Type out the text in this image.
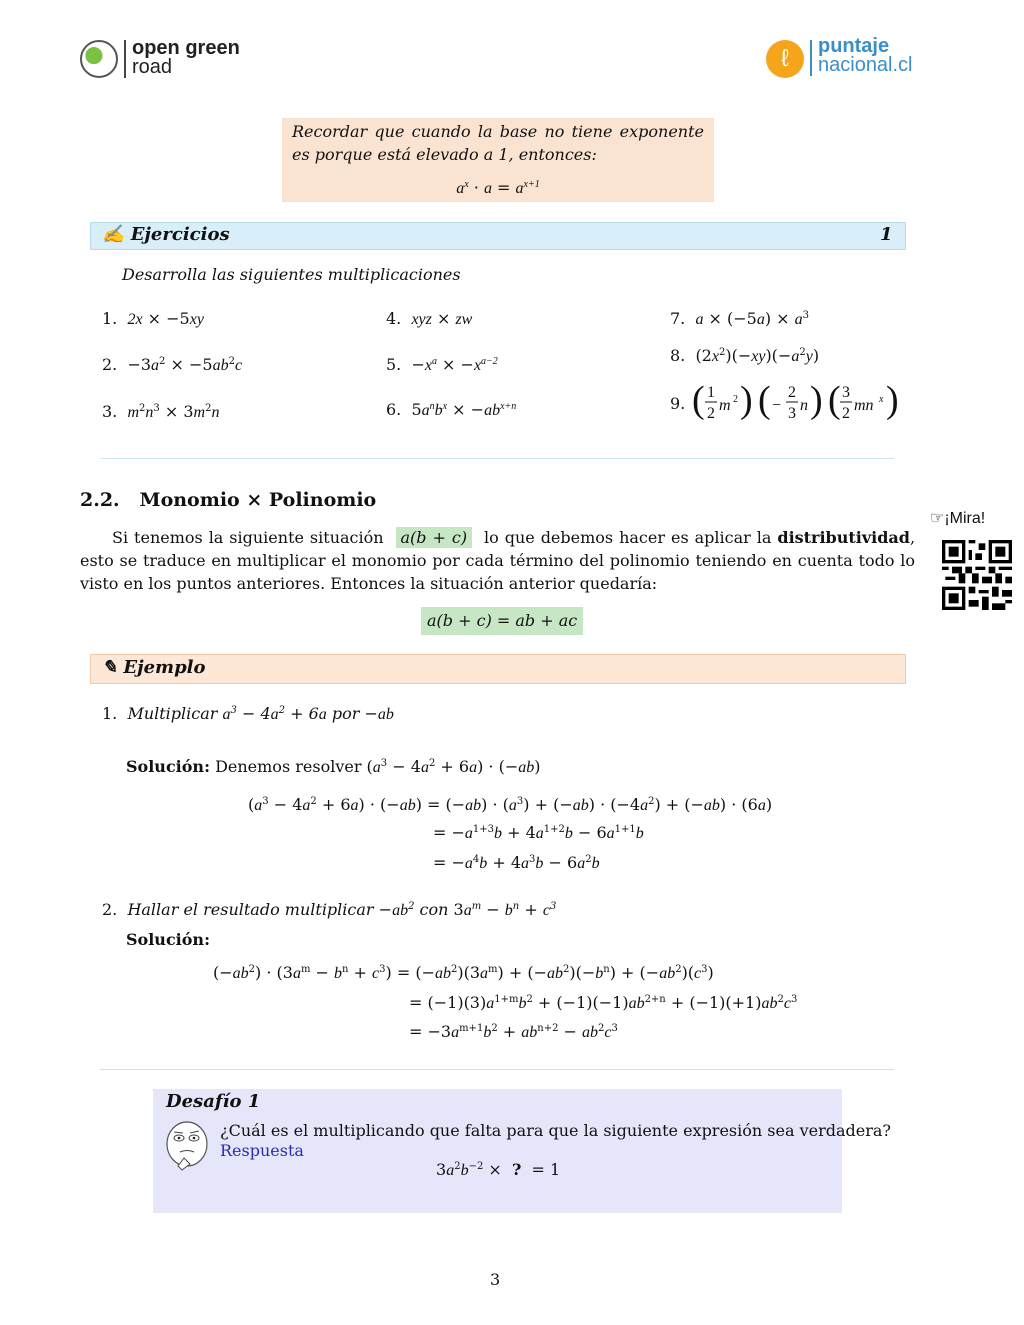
open green
road	ℓ	puntaje
nacional.cl
Recordar que cuando la base no tiene exponente es porque está elevado a 1, entonces:
$a^x \cdot a = a^{x+1}$
✍ Ejercicios	1
Desarrolla las siguientes multiplicaciones
1. 2x × −5xy
2.  $-3a^2 \times -5ab^2c$
3. $m^2n^3 \times 3m^2n$
4. xyz × zw
5.  $-x^a \times -x^{a-2}$
6.  $5a^nb^x \times -ab^{x+n}$
7. $a \times (-5a) \times a^3$
8.  $(2x^2)(-xy)(-a^2y)$
9. ( 1
2 m 2 ) ( −
2
3 n ) ( 3
2 mn x )
2.2. Monomio × Polinomio
☞¡Mira!
Si tenemos la siguiente situación a(b + c) lo que debemos hacer es aplicar la distributividad, esto se traduce en multiplicar el monomio por cada término del polinomio teniendo en cuenta todo lo visto en los puntos anteriores. Entonces la situación anterior quedaría:
a(b + c) = ab + ac
✎ Ejemplo
1. Multiplicar $a^3 - 4a^2 + 6a$ por −ab
Solución: Denemos resolver $(a^3 - 4a^2 + 6a) \cdot (-ab)$
$(a^3 - 4a^2 + 6a) \cdot (-ab) = (-ab) \cdot (a^3) + (-ab) \cdot (-4a^2) + (-ab) \cdot (6a)$
= $-a^{1+3}b + 4a^{1+2}b - 6a^{1+1}b$
= $-a^4b + 4a^3b - 6a^2b$
2. Hallar el resultado multiplicar $-ab^2$ con $3a^m - b^n + c^3$
Solución:
$(-ab^2) \cdot (3a^m - b^n + c^3) = (-ab^2)(3a^m) + (-ab^2)(-b^n) + (-ab^2)(c^3)$
= $(-1)(3)a^{1+m}b^2 + (-1)(-1)ab^{2+n} + (-1)(+1)ab^2c^3$
= $-3a^{m+1}b^2 + ab^{n+2} - ab^2c^3$
Desafío 1
¿Cuál es el multiplicando que falta para que la siguiente expresión sea verdadera?
Respuesta
$3a^2b^{-2}$ ×  ?  = 1
3
